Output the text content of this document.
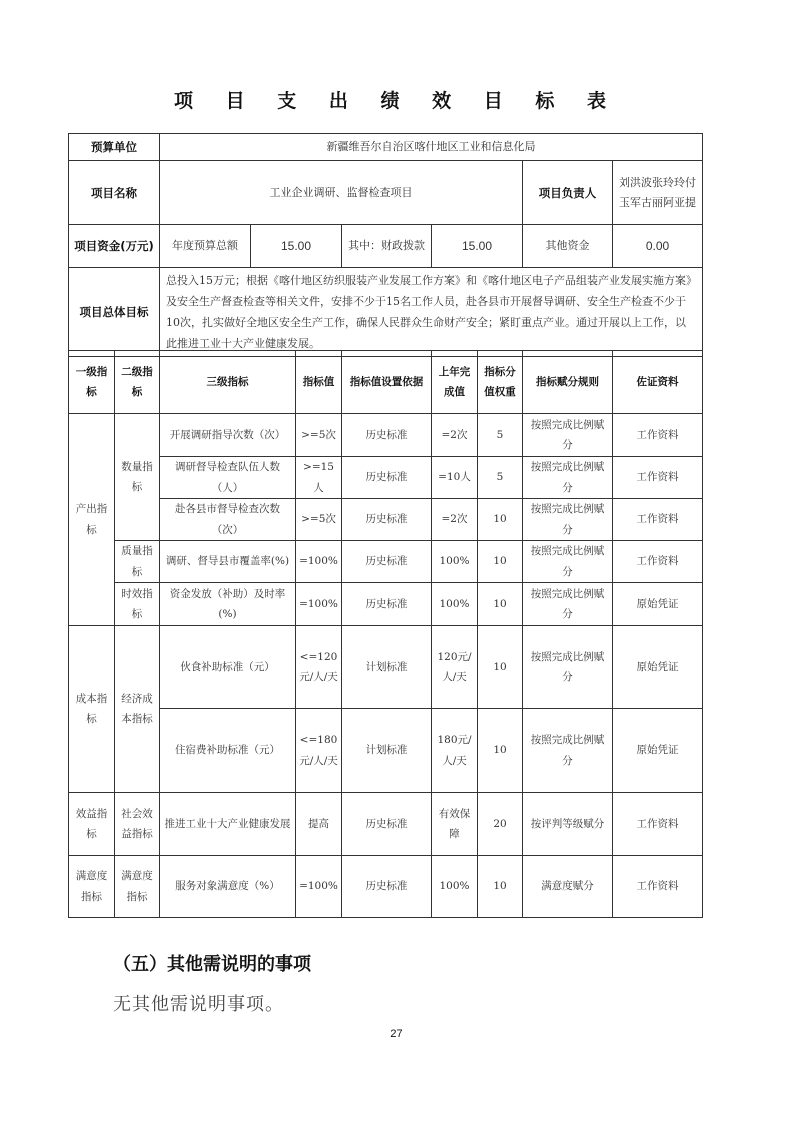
项 目 支 出 绩 效 目 标 表
预算单位	新疆维吾尔自治区喀什地区工业和信息化局					
项目名称	工业企业调研、监督检查项目				项目负责人	刘洪波张玲玲付玉军古丽阿亚提
项目资金(万元)	年度预算总额	15.00	其中：财政拨款	15.00	其他资金	0.00
项目总体目标	总投入15万元；根据《喀什地区纺织服装产业发展工作方案》和《喀什地区电子产品组装产业发展实施方案》及安全生产督查检查等相关文件，安排不少于15名工作人员，赴各县市开展督导调研、安全生产检查不少于10次，扎实做好全地区安全生产工作，确保人民群众生命财产安全；紧盯重点产业。通过开展以上工作，以此推进工业十大产业健康发展。					
一级指标	二级指标	三级指标	指标值	指标值设置依据	上年完成值	指标分值权重	指标赋分规则	佐证资料
产出指标	数量指标	开展调研指导次数（次）	>=5次	历史标准	=2次	5	按照完成比例赋分	工作资料
		调研督导检查队伍人数（人）	>=15人	历史标准	=10人	5	按照完成比例赋分	工作资料
		赴各县市督导检查次数（次）	>=5次	历史标准	=2次	10	按照完成比例赋分	工作资料
	质量指标	调研、督导县市覆盖率(%)	=100%	历史标准	100%	10	按照完成比例赋分	工作资料
	时效指标	资金发放（补助）及时率(%)	=100%	历史标准	100%	10	按照完成比例赋分	原始凭证
成本指标	经济成本指标	伙食补助标准（元）	<=120元/人/天	计划标准	120元/人/天	10	按照完成比例赋分	原始凭证
		住宿费补助标准（元）	<=180元/人/天	计划标准	180元/人/天	10	按照完成比例赋分	原始凭证
效益指标	社会效益指标	推进工业十大产业健康发展	提高	历史标准	有效保障	20	按评判等级赋分	工作资料
满意度指标	满意度指标	服务对象满意度（%）	=100%	历史标准	100%	10	满意度赋分	工作资料
（五）其他需说明的事项
无其他需说明事项。
27
